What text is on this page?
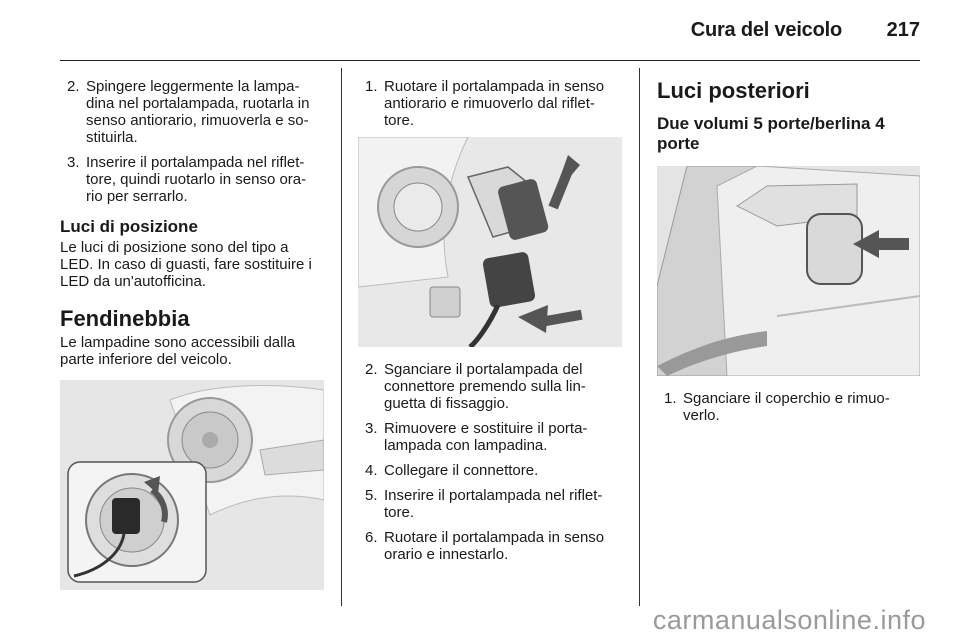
Cura del veicolo 217
2. Spingere leggermente la lampa- dina nel portalampada, ruotarla in senso antiorario, rimuoverla e so- stituirla.
3. Inserire il portalampada nel riflet- tore, quindi ruotarlo in senso ora- rio per serrarlo.
Luci di posizione

Le luci di posizione sono del tipo a LED. In caso di guasti, fare sostituire i LED da un'autofficina.

Fendinebbia

Le lampadine sono accessibili dalla parte inferiore del veicolo.

1. Ruotare il portalampada in senso antiorario e rimuoverlo dal riflet- tore.
2. Sganciare il portalampada del connettore premendo sulla lin- guetta di fissaggio.
3. Rimuovere e sostituire il porta- lampada con lampadina.
4. Collegare il connettore.
5. Inserire il portalampada nel riflet- tore.
6. Ruotare il portalampada in senso orario e innestarlo.
Luci posteriori
Due volumi 5 porte/berlina 4 porte
1. Sganciare il coperchio e rimuo- verlo.
carmanualsonline.info
